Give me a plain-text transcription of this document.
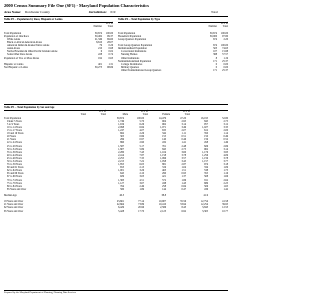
2000 Census Summary File One (SF1) - Maryland Population Characteristics
Area Name: Dorchester County	Jurisdiction: 019	Total
Table P3 -- Population by Race, Hispanic or Latino
Pct. of
Number	Total
Total Population	30,674	100.00
Population of One Race	30,482	99.37
White Alone	21,349	69.60
Black or African American Alone	8,610	28.07
American Indian & Alaska Native Alone	79	0.26
Asian Alone	210	0.68
Native Hawaiian & Other Pacific Islander Alone	6	0.02
Some Other Race Alone	228	0.74
Population of Two or More Races	192	0.63
Hispanic or Latino	401	1.31
Not Hispanic or Latino	30,273	98.69
Table P4 -- Total Population by Type
Pct. of
Number	Total
Total Population	30,674	100.00
Household Population	30,000	97.80
Group Quarters Population	674	2.20
Total Group Quarters Population	674	100.00
Institutionalized Population	503	74.63
Correctional Institutions	107	15.88
Nursing Homes	388	57.57
Other Institutions	8	1.19
Noninstitutionalized Population	171	25.37
College Dormitories	0	0.00
Military Quarters	0	0.00
Other Noninstitutional Group Quarters	171	25.37
Table P5 -- Total Population by Sex and Age
Pct. of	Pct. of	Pct. of
Total	Total	Male	Total	Female	Total
Total Population	30,674	100.00	14,479	47.20	16,195	52.80
Under 5 Years	1,749	5.70	904	2.95	845	2.75
5 to 9 Years	1,919	6.26	962	3.14	957	3.12
10 to 14 Years	2,098	6.84	1,071	3.49	1,027	3.35
15 to 17 Years	1,247	4.07	635	2.07	612	2.00
18 and 19 Years	692	2.26	342	1.11	350	1.14
20 Years	305	0.99	155	0.51	150	0.49
21 Years	299	0.97	140	0.46	159	0.52
22 to 24 Years	890	2.90	432	1.41	458	1.49
25 to 29 Years	1,587	5.17	761	2.48	826	2.69
30 to 34 Years	1,807	5.89	845	2.75	962	3.14
35 to 39 Years	2,280	7.43	1,104	3.60	1,176	3.83
40 to 44 Years	2,414	7.87	1,158	3.78	1,256	4.09
45 to 49 Years	2,255	7.35	1,096	3.57	1,159	3.78
50 to 54 Years	2,215	7.22	1,058	3.45	1,157	3.77
55 to 59 Years	1,855	6.05	881	2.87	974	3.18
60 and 61 Years	653	2.13	319	1.04	334	1.09
62 to 64 Years	1,001	3.26	463	1.51	538	1.75
65 and 66 Years	645	2.10	290	0.95	355	1.16
67 to 69 Years	929	3.03	421	1.37	508	1.66
70 to 74 Years	1,383	4.51	572	1.86	811	2.64
75 to 79 Years	1,127	3.67	438	1.43	689	2.25
80 to 84 Years	764	2.49	258	0.84	506	1.65
85 Years and Over	580	1.89	144	0.47	436	1.42
Median Age	40.3	38.8	41.9
18 Years and Over	23,661	77.14	10,907	35.56	12,754	41.58
21 Years and Over	22,664	73.89	10,410	33.94	12,254	39.95
62 Years and Over	6,429	20.96	2,586	8.43	3,843	12.53
65 Years and Over	5,428	17.70	2,123	6.92	3,305	10.77
Prepared by the Maryland Department of Planning, Planning Data Services
